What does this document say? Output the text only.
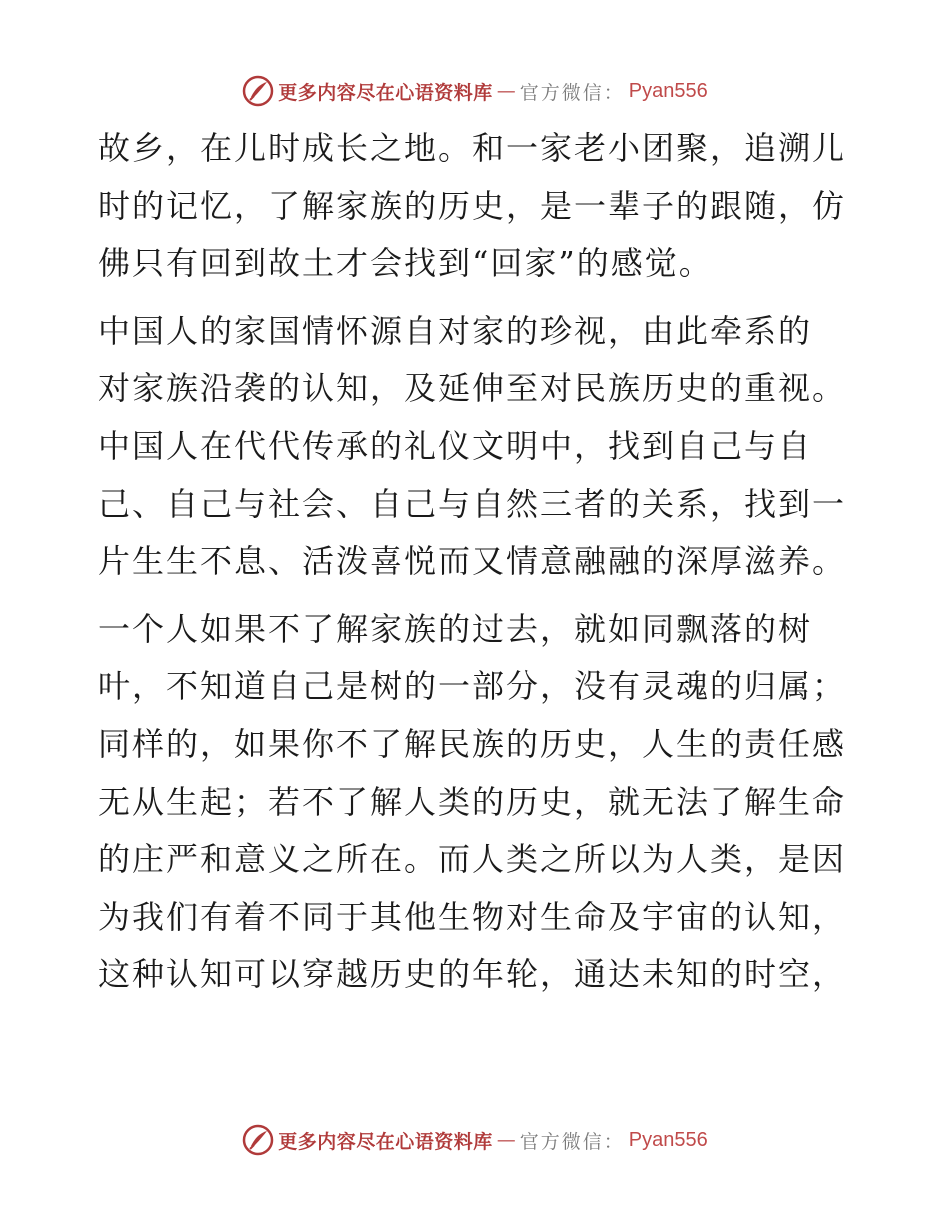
更多内容尽在心语资料库 — 官方微信： Pyan556

故乡，在儿时成长之地。和一家老小团聚，追溯儿
时的记忆，了解家族的历史，是一辈子的跟随，仿
佛只有回到故土才会找到“回家”的感觉。

中国人的家国情怀源自对家的珍视，由此牵系的
对家族沿袭的认知，及延伸至对民族历史的重视。
中国人在代代传承的礼仪文明中，找到自己与自
己、自己与社会、自己与自然三者的关系，找到一
片生生不息、活泼喜悦而又情意融融的深厚滋养。

一个人如果不了解家族的过去，就如同飘落的树
叶，不知道自己是树的一部分，没有灵魂的归属；
同样的，如果你不了解民族的历史，人生的责任感
无从生起；若不了解人类的历史，就无法了解生命
的庄严和意义之所在。而人类之所以为人类，是因
为我们有着不同于其他生物对生命及宇宙的认知，
这种认知可以穿越历史的年轮，通达未知的时空，

更多内容尽在心语资料库 — 官方微信： Pyan556
